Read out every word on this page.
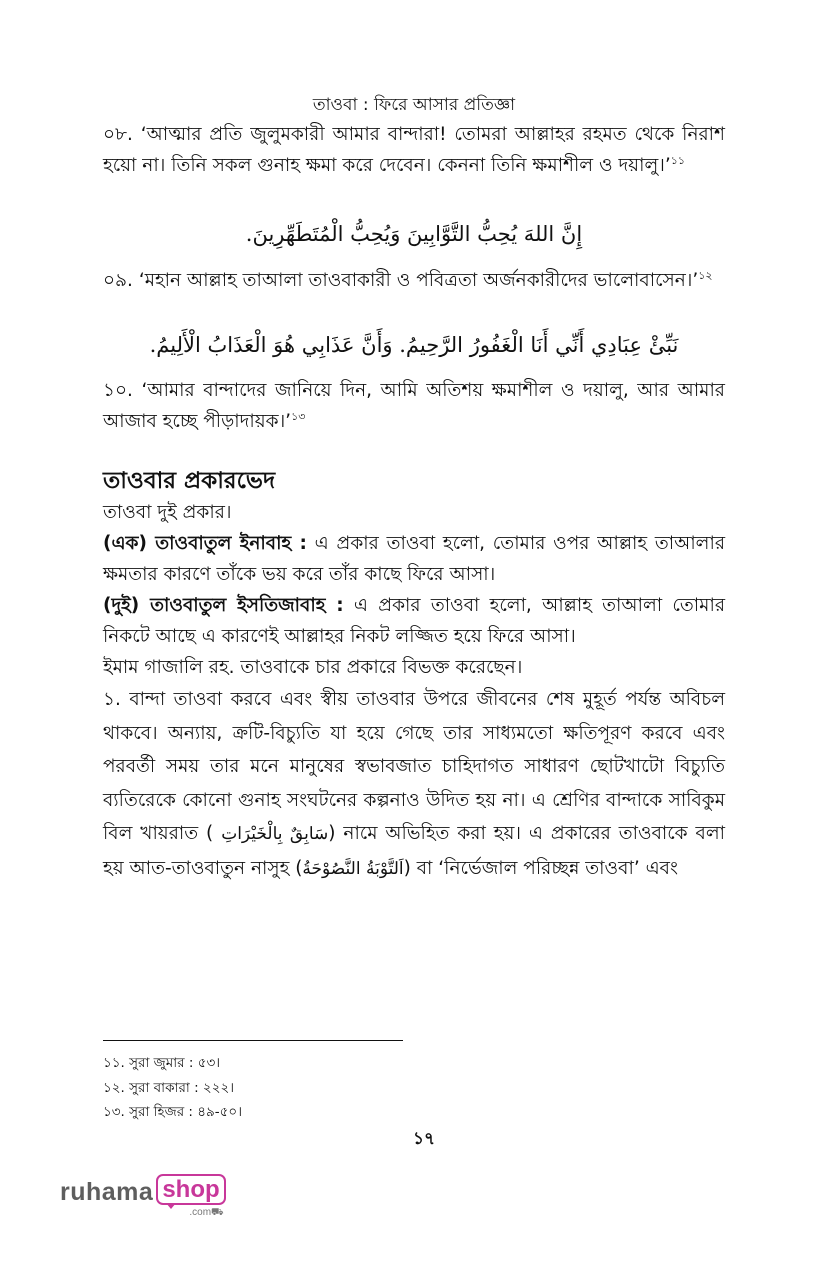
তাওবা : ফিরে আসার প্রতিজ্ঞা
০৮. ‘আত্মার প্রতি জুলুমকারী আমার বান্দারা! তোমরা আল্লাহর রহমত থেকে নিরাশ হয়ো না। তিনি সকল গুনাহ ক্ষমা করে দেবেন। কেননা তিনি ক্ষমাশীল ও দয়ালু।’$^{১১}$
إِنَّ اللهَ يُحِبُّ التَّوَّابِينَ وَيُحِبُّ الْمُتَطَهِّرِينَ.
০৯. ‘মহান আল্লাহ তাআলা তাওবাকারী ও পবিত্রতা অর্জনকারীদের ভালোবাসেন।’$^{১২}$
نَبِّئْ عِبَادِي أَنِّي أَنَا الْغَفُورُ الرَّحِيمُ. وَأَنَّ عَذَابِي هُوَ الْعَذَابُ الْأَلِيمُ.
১০. ‘আমার বান্দাদের জানিয়ে দিন, আমি অতিশয় ক্ষমাশীল ও দয়ালু, আর আমার আজাব হচ্ছে পীড়াদায়ক।’$^{১৩}$
তাওবার প্রকারভেদ
তাওবা দুই প্রকার।
(এক) তাওবাতুল ইনাবাহ : এ প্রকার তাওবা হলো, তোমার ওপর আল্লাহ তাআলার ক্ষমতার কারণে তাঁকে ভয় করে তাঁর কাছে ফিরে আসা।
(দুই) তাওবাতুল ইসতিজাবাহ : এ প্রকার তাওবা হলো, আল্লাহ তাআলা তোমার নিকটে আছে এ কারণেই আল্লাহর নিকট লজ্জিত হয়ে ফিরে আসা।
ইমাম গাজালি রহ. তাওবাকে চার প্রকারে বিভক্ত করেছেন।
১. বান্দা তাওবা করবে এবং স্বীয় তাওবার উপরে জীবনের শেষ মুহূর্ত পর্যন্ত অবিচল থাকবে। অন্যায়, ক্রটি-বিচ্যুতি যা হয়ে গেছে তার সাধ্যমতো ক্ষতিপূরণ করবে এবং পরবর্তী সময় তার মনে মানুষের স্বভাবজাত চাহিদাগত সাধারণ ছোটখাটো বিচ্যুতি ব্যতিরেকে কোনো গুনাহ সংঘটনের কল্পনাও উদিত হয় না। এ শ্রেণির বান্দাকে সাবিকুম বিল খায়রাত ( سَابِقٌ بِالْخَيْرَاتِ) নামে অভিহিত করা হয়। এ প্রকারের তাওবাকে বলা হয় আত-তাওবাতুন নাসুহ (اَلتَّوْبَةُ النَّصُوْحَةُ) বা ‘নির্ভেজাল পরিচ্ছন্ন তাওবা’ এবং
১১. সুরা জুমার : ৫৩।
১২. সুরা বাকারা : ২২২।
১৩. সুরা হিজর : ৪৯-৫০।
১৭
ruhama shop
.com⛟
